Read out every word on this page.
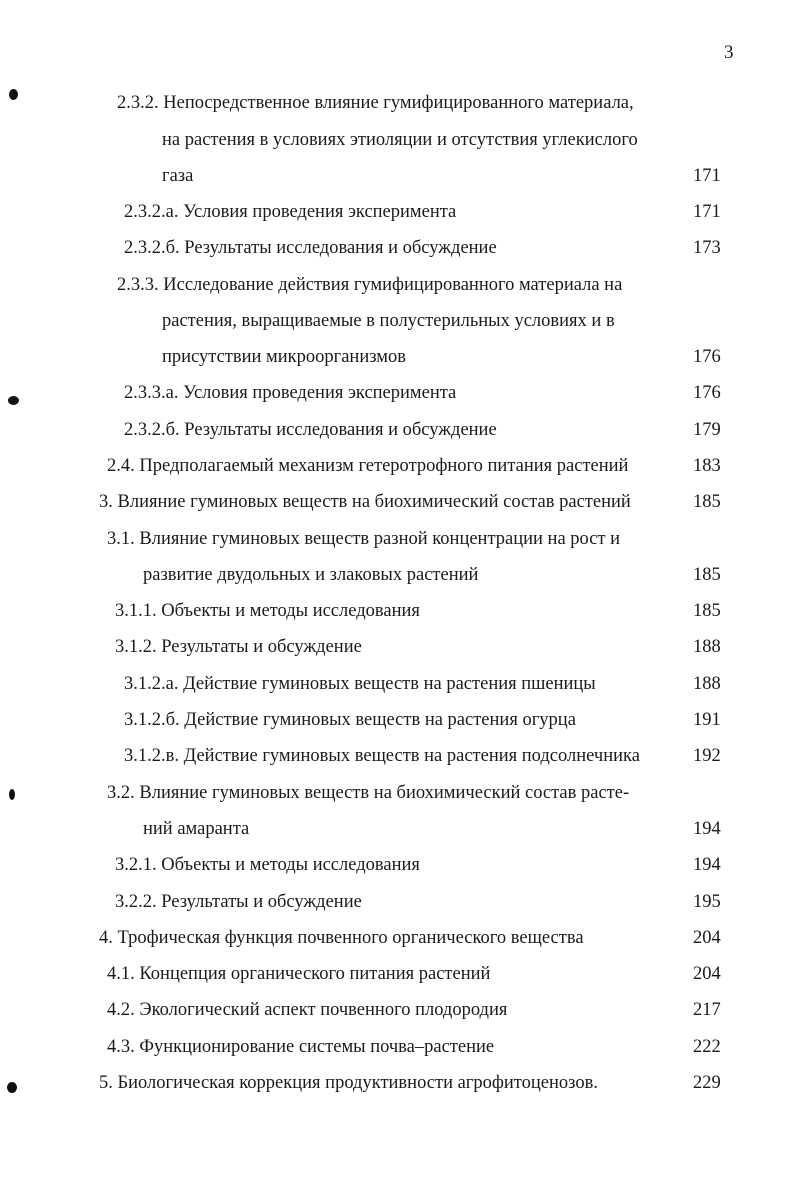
3
2.3.2. Непосредственное влияние гумифицированного материала,
на растения в условиях этиоляции и отсутствия углекислого
газа	171
2.3.2.а. Условия проведения эксперимента	171
2.3.2.б. Результаты исследования и обсуждение	173
2.3.3. Исследование действия гумифицированного материала на
растения, выращиваемые в полустерильных условиях и в
присутствии микроорганизмов	176
2.3.3.а. Условия проведения эксперимента	176
2.3.2.б. Результаты исследования и обсуждение	179
2.4. Предполагаемый механизм гетеротрофного питания растений	183
3. Влияние гуминовых веществ на биохимический состав растений	185
3.1. Влияние гуминовых веществ разной концентрации на рост и
развитие двудольных и злаковых растений	185
3.1.1. Объекты и методы исследования	185
3.1.2. Результаты и обсуждение	188
3.1.2.а. Действие гуминовых веществ на растения пшеницы	188
3.1.2.б. Действие гуминовых веществ на растения огурца	191
3.1.2.в. Действие гуминовых веществ на растения подсолнечника	192
3.2. Влияние гуминовых веществ на биохимический состав расте-
ний амаранта	194
3.2.1. Объекты и методы исследования	194
3.2.2. Результаты и обсуждение	195
4. Трофическая функция почвенного органического вещества	204
4.1. Концепция органического питания растений	204
4.2. Экологический аспект почвенного плодородия	217
4.3. Функционирование системы почва–растение	222
5. Биологическая коррекция продуктивности агрофитоценозов.	229
